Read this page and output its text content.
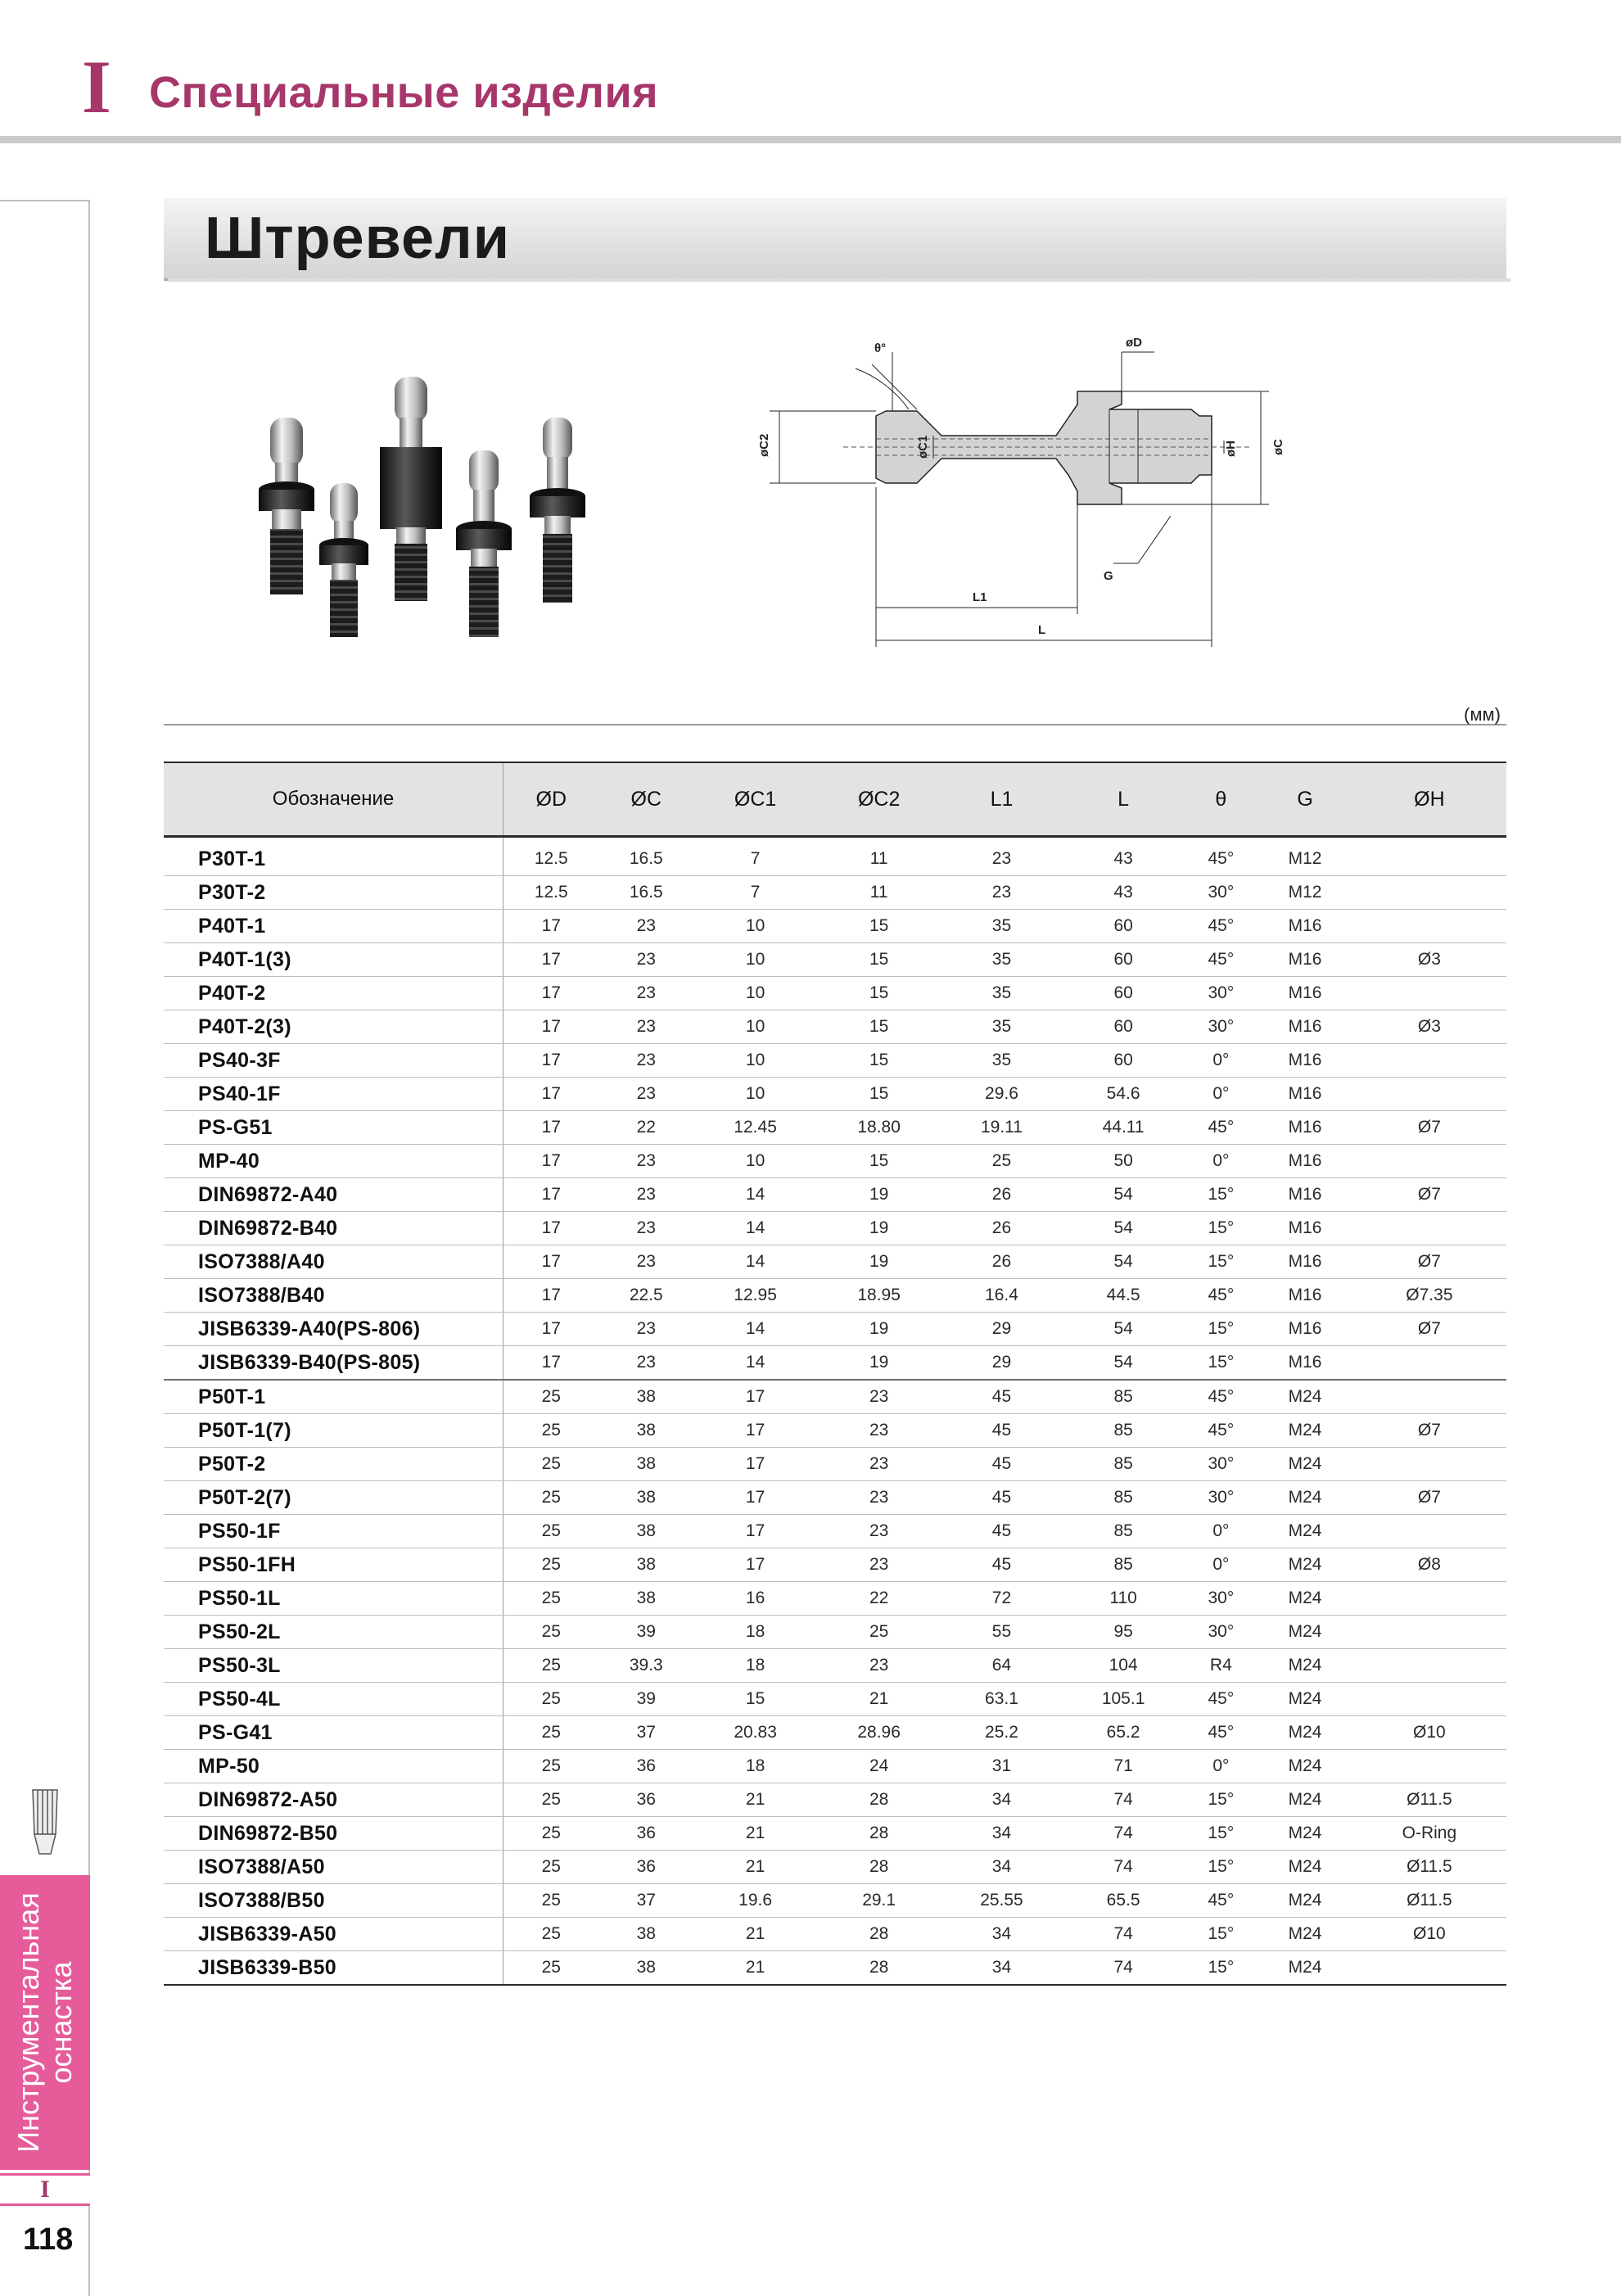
I Специальные изделия
Штревели
øD
θ°
øC2	øC1	øH	øC
G
L1
L
(мм)
Обозначение	ØD	ØC	ØC1	ØC2	L1	L	θ	G	ØH
P30T-1	12.5	16.5	7	11	23	43	45°	M12	
P30T-2	12.5	16.5	7	11	23	43	30°	M12	
P40T-1	17	23	10	15	35	60	45°	M16	
P40T-1(3)	17	23	10	15	35	60	45°	M16	Ø3
P40T-2	17	23	10	15	35	60	30°	M16	
P40T-2(3)	17	23	10	15	35	60	30°	M16	Ø3
PS40-3F	17	23	10	15	35	60	0°	M16	
PS40-1F	17	23	10	15	29.6	54.6	0°	M16	
PS-G51	17	22	12.45	18.80	19.11	44.11	45°	M16	Ø7
MP-40	17	23	10	15	25	50	0°	M16	
DIN69872-A40	17	23	14	19	26	54	15°	M16	Ø7
DIN69872-B40	17	23	14	19	26	54	15°	M16	
ISO7388/A40	17	23	14	19	26	54	15°	M16	Ø7
ISO7388/B40	17	22.5	12.95	18.95	16.4	44.5	45°	M16	Ø7.35
JISB6339-A40(PS-806)	17	23	14	19	29	54	15°	M16	Ø7
JISB6339-B40(PS-805)	17	23	14	19	29	54	15°	M16	
P50T-1	25	38	17	23	45	85	45°	M24	
P50T-1(7)	25	38	17	23	45	85	45°	M24	Ø7
P50T-2	25	38	17	23	45	85	30°	M24	
P50T-2(7)	25	38	17	23	45	85	30°	M24	Ø7
PS50-1F	25	38	17	23	45	85	0°	M24	
PS50-1FH	25	38	17	23	45	85	0°	M24	Ø8
PS50-1L	25	38	16	22	72	110	30°	M24	
PS50-2L	25	39	18	25	55	95	30°	M24	
PS50-3L	25	39.3	18	23	64	104	R4	M24	
PS50-4L	25	39	15	21	63.1	105.1	45°	M24	
PS-G41	25	37	20.83	28.96	25.2	65.2	45°	M24	Ø10
MP-50	25	36	18	24	31	71	0°	M24	
DIN69872-A50	25	36	21	28	34	74	15°	M24	Ø11.5
DIN69872-B50	25	36	21	28	34	74	15°	M24	O-Ring
ISO7388/A50	25	36	21	28	34	74	15°	M24	Ø11.5
ISO7388/B50	25	37	19.6	29.1	25.55	65.5	45°	M24	Ø11.5
JISB6339-A50	25	38	21	28	34	74	15°	M24	Ø10
JISB6339-B50	25	38	21	28	34	74	15°	M24	
Инструментальная оснастка
I
118
